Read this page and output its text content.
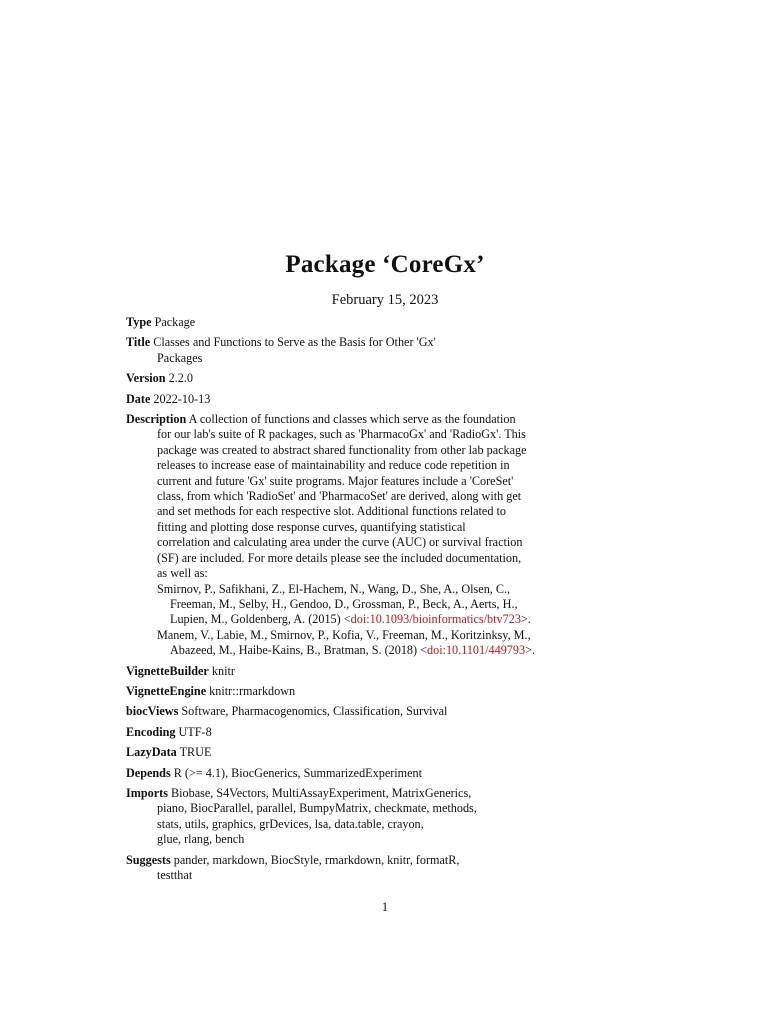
Package ‘CoreGx’
February 15, 2023
Type Package
Title Classes and Functions to Serve as the Basis for Other 'Gx'
Packages
Version 2.2.0
Date 2022-10-13
Description A collection of functions and classes which serve as the foundation
for our lab's suite of R packages, such as 'PharmacoGx' and 'RadioGx'. This
package was created to abstract shared functionality from other lab package
releases to increase ease of maintainability and reduce code repetition in
current and future 'Gx' suite programs. Major features include a 'CoreSet'
class, from which 'RadioSet' and 'PharmacoSet' are derived, along with get
and set methods for each respective slot. Additional functions related to
fitting and plotting dose response curves, quantifying statistical
correlation and calculating area under the curve (AUC) or survival fraction
(SF) are included. For more details please see the included documentation,
as well as:
Smirnov, P., Safikhani, Z., El-Hachem, N., Wang, D., She, A., Olsen, C.,
Freeman, M., Selby, H., Gendoo, D., Grossman, P., Beck, A., Aerts, H.,
Lupien, M., Goldenberg, A. (2015) <doi:10.1093/bioinformatics/btv723>.
Manem, V., Labie, M., Smirnov, P., Kofia, V., Freeman, M., Koritzinksy, M.,
Abazeed, M., Haibe-Kains, B., Bratman, S. (2018) <doi:10.1101/449793>.
VignetteBuilder knitr
VignetteEngine knitr::rmarkdown
biocViews Software, Pharmacogenomics, Classification, Survival
Encoding UTF-8
LazyData TRUE
Depends R (>= 4.1), BiocGenerics, SummarizedExperiment
Imports Biobase, S4Vectors, MultiAssayExperiment, MatrixGenerics,
piano, BiocParallel, parallel, BumpyMatrix, checkmate, methods,
stats, utils, graphics, grDevices, lsa, data.table, crayon,
glue, rlang, bench
Suggests pander, markdown, BiocStyle, rmarkdown, knitr, formatR,
testthat
1
